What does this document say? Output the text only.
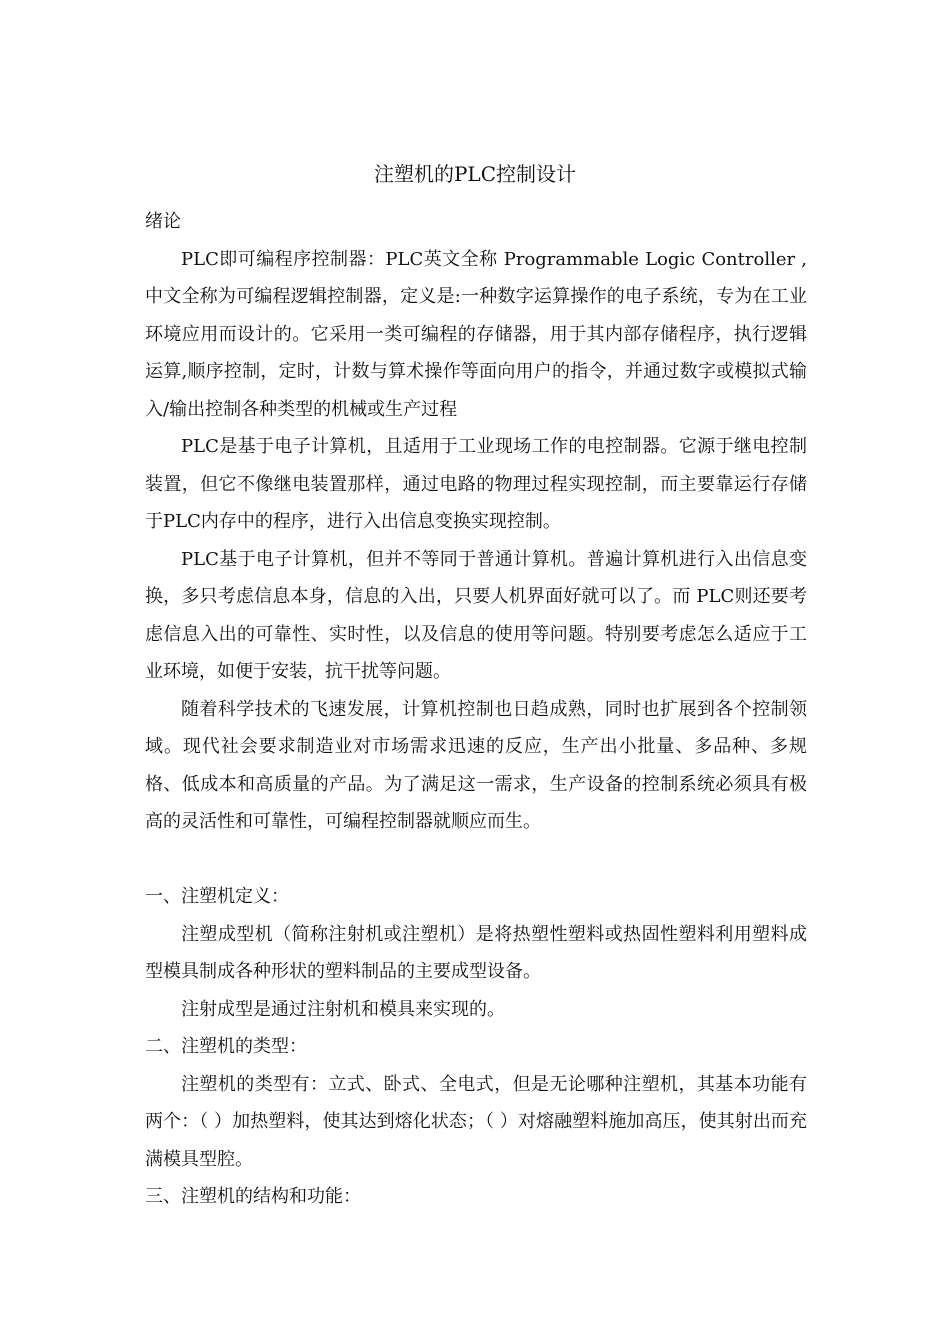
注塑机的PLC控制设计

绪论

PLC即可编程序控制器：PLC英文全称 Programmable Logic Controller , 中文全称为可编程逻辑控制器，定义是:一种数字运算操作的电子系统，专为在工业环境应用而设计的。它采用一类可编程的存储器，用于其内部存储程序，执行逻辑运算,顺序控制，定时，计数与算术操作等面向用户的指令，并通过数字或模拟式输入/输出控制各种类型的机械或生产过程

PLC是基于电子计算机，且适用于工业现场工作的电控制器。它源于继电控制装置，但它不像继电装置那样，通过电路的物理过程实现控制，而主要靠运行存储于PLC内存中的程序，进行入出信息变换实现控制。

PLC基于电子计算机，但并不等同于普通计算机。普遍计算机进行入出信息变换，多只考虑信息本身，信息的入出，只要人机界面好就可以了。而 PLC则还要考虑信息入出的可靠性、实时性，以及信息的使用等问题。特别要考虑怎么适应于工业环境，如便于安装，抗干扰等问题。

随着科学技术的飞速发展，计算机控制也日趋成熟，同时也扩展到各个控制领域。现代社会要求制造业对市场需求迅速的反应，生产出小批量、多品种、多规格、低成本和高质量的产品。为了满足这一需求，生产设备的控制系统必须具有极高的灵活性和可靠性，可编程控制器就顺应而生。

一、注塑机定义：

注塑成型机（简称注射机或注塑机）是将热塑性塑料或热固性塑料利用塑料成型模具制成各种形状的塑料制品的主要成型设备。

注射成型是通过注射机和模具来实现的。

二、注塑机的类型：

注塑机的类型有：立式、卧式、全电式，但是无论哪种注塑机，其基本功能有两个：（ ）加热塑料，使其达到熔化状态；（ ）对熔融塑料施加高压，使其射出而充满模具型腔。

三、注塑机的结构和功能：
